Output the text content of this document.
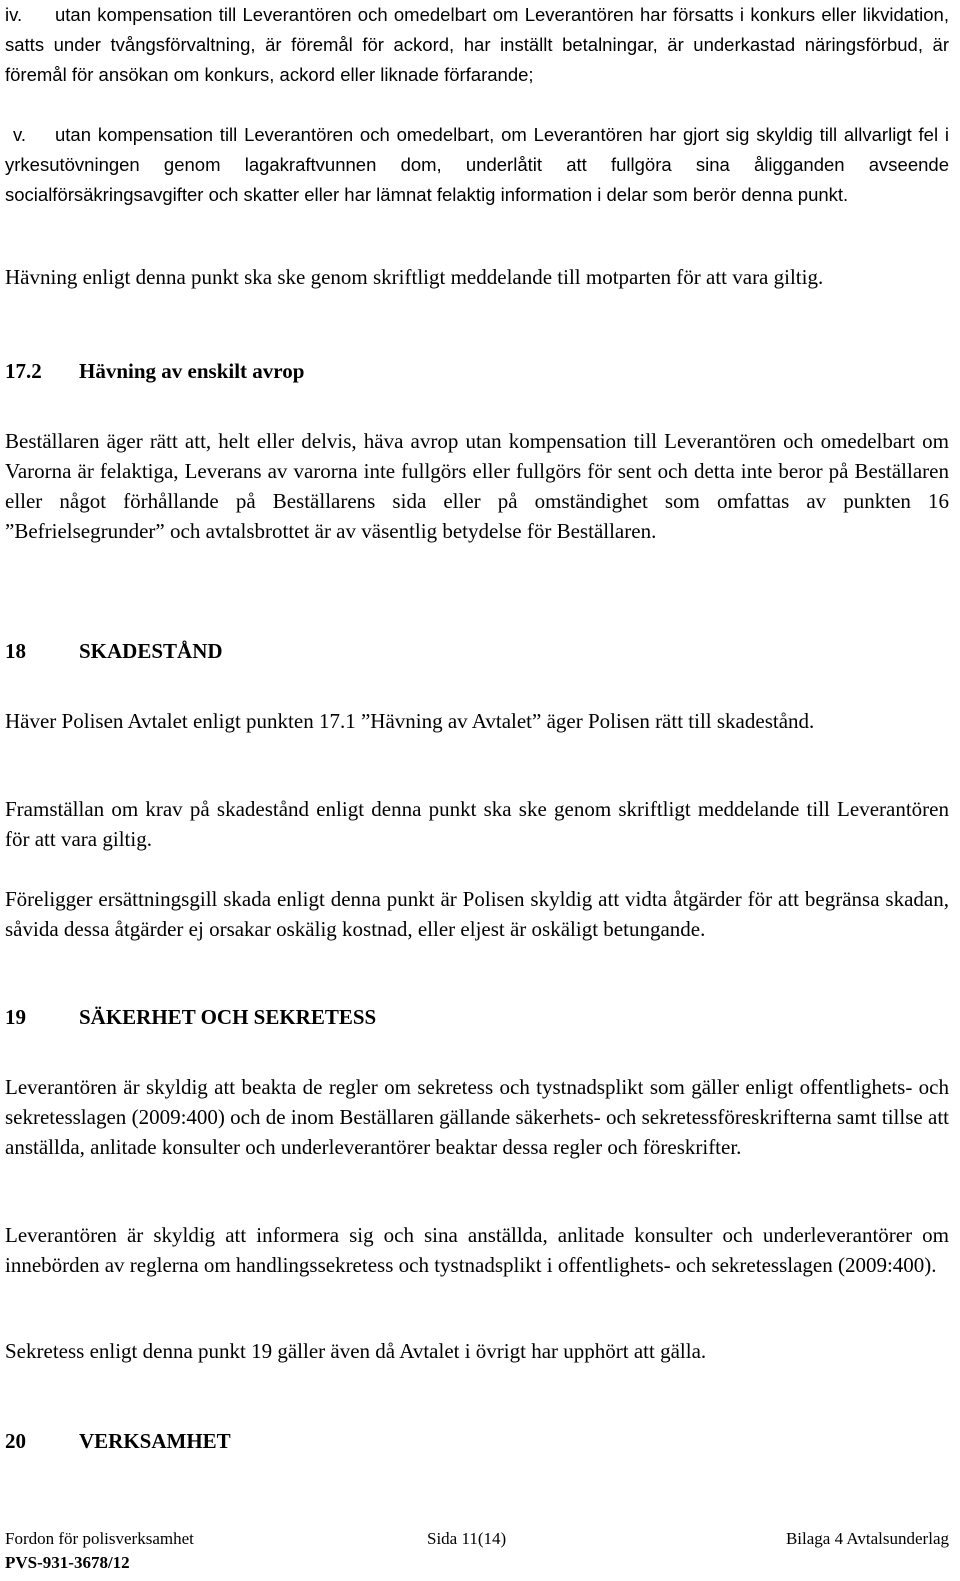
iv. utan kompensation till Leverantören och omedelbart om Leverantören har försatts i konkurs eller likvidation, satts under tvångsförvaltning, är föremål för ackord, har inställt betalningar, är underkastad näringsförbud, är föremål för ansökan om konkurs, ackord eller liknade förfarande;
v. utan kompensation till Leverantören och omedelbart, om Leverantören har gjort sig skyldig till allvarligt fel i yrkesutövningen genom lagakraftvunnen dom, underlåtit att fullgöra sina åligganden avseende socialförsäkringsavgifter och skatter eller har lämnat felaktig information i delar som berör denna punkt.

Hävning enligt denna punkt ska ske genom skriftligt meddelande till motparten för att vara giltig.

17.2 Hävning av enskilt avrop

Beställaren äger rätt att, helt eller delvis, häva avrop utan kompensation till Leverantören och omedelbart om Varorna är felaktiga, Leverans av varorna inte fullgörs eller fullgörs för sent och detta inte beror på Beställaren eller något förhållande på Beställarens sida eller på omständighet som omfattas av punkten 16 ”Befrielsegrunder” och avtalsbrottet är av väsentlig betydelse för Beställaren.

18	SKADESTÅND

Häver Polisen Avtalet enligt punkten 17.1 ”Hävning av Avtalet” äger Polisen rätt till skadestånd.

Framställan om krav på skadestånd enligt denna punkt ska ske genom skriftligt meddelande till Leverantören för att vara giltig.

Föreligger ersättningsgill skada enligt denna punkt är Polisen skyldig att vidta åtgärder för att begränsa skadan, såvida dessa åtgärder ej orsakar oskälig kostnad, eller eljest är oskäligt betungande.

19	SÄKERHET OCH SEKRETESS

Leverantören är skyldig att beakta de regler om sekretess och tystnadsplikt som gäller enligt offentlighets- och sekretesslagen (2009:400) och de inom Beställaren gällande säkerhets- och sekretessföreskrifterna samt tillse att anställda, anlitade konsulter och underleverantörer beaktar dessa regler och föreskrifter.

Leverantören är skyldig att informera sig och sina anställda, anlitade konsulter och underleverantörer om innebörden av reglerna om handlingssekretess och tystnadsplikt i offentlighets- och sekretesslagen (2009:400).

Sekretess enligt denna punkt 19 gäller även då Avtalet i övrigt har upphört att gälla.

20	VERKSAMHET
Fordon för polisverksamhet	Sida 11(14)	Bilaga 4 Avtalsunderlag
PVS-931-3678/12
